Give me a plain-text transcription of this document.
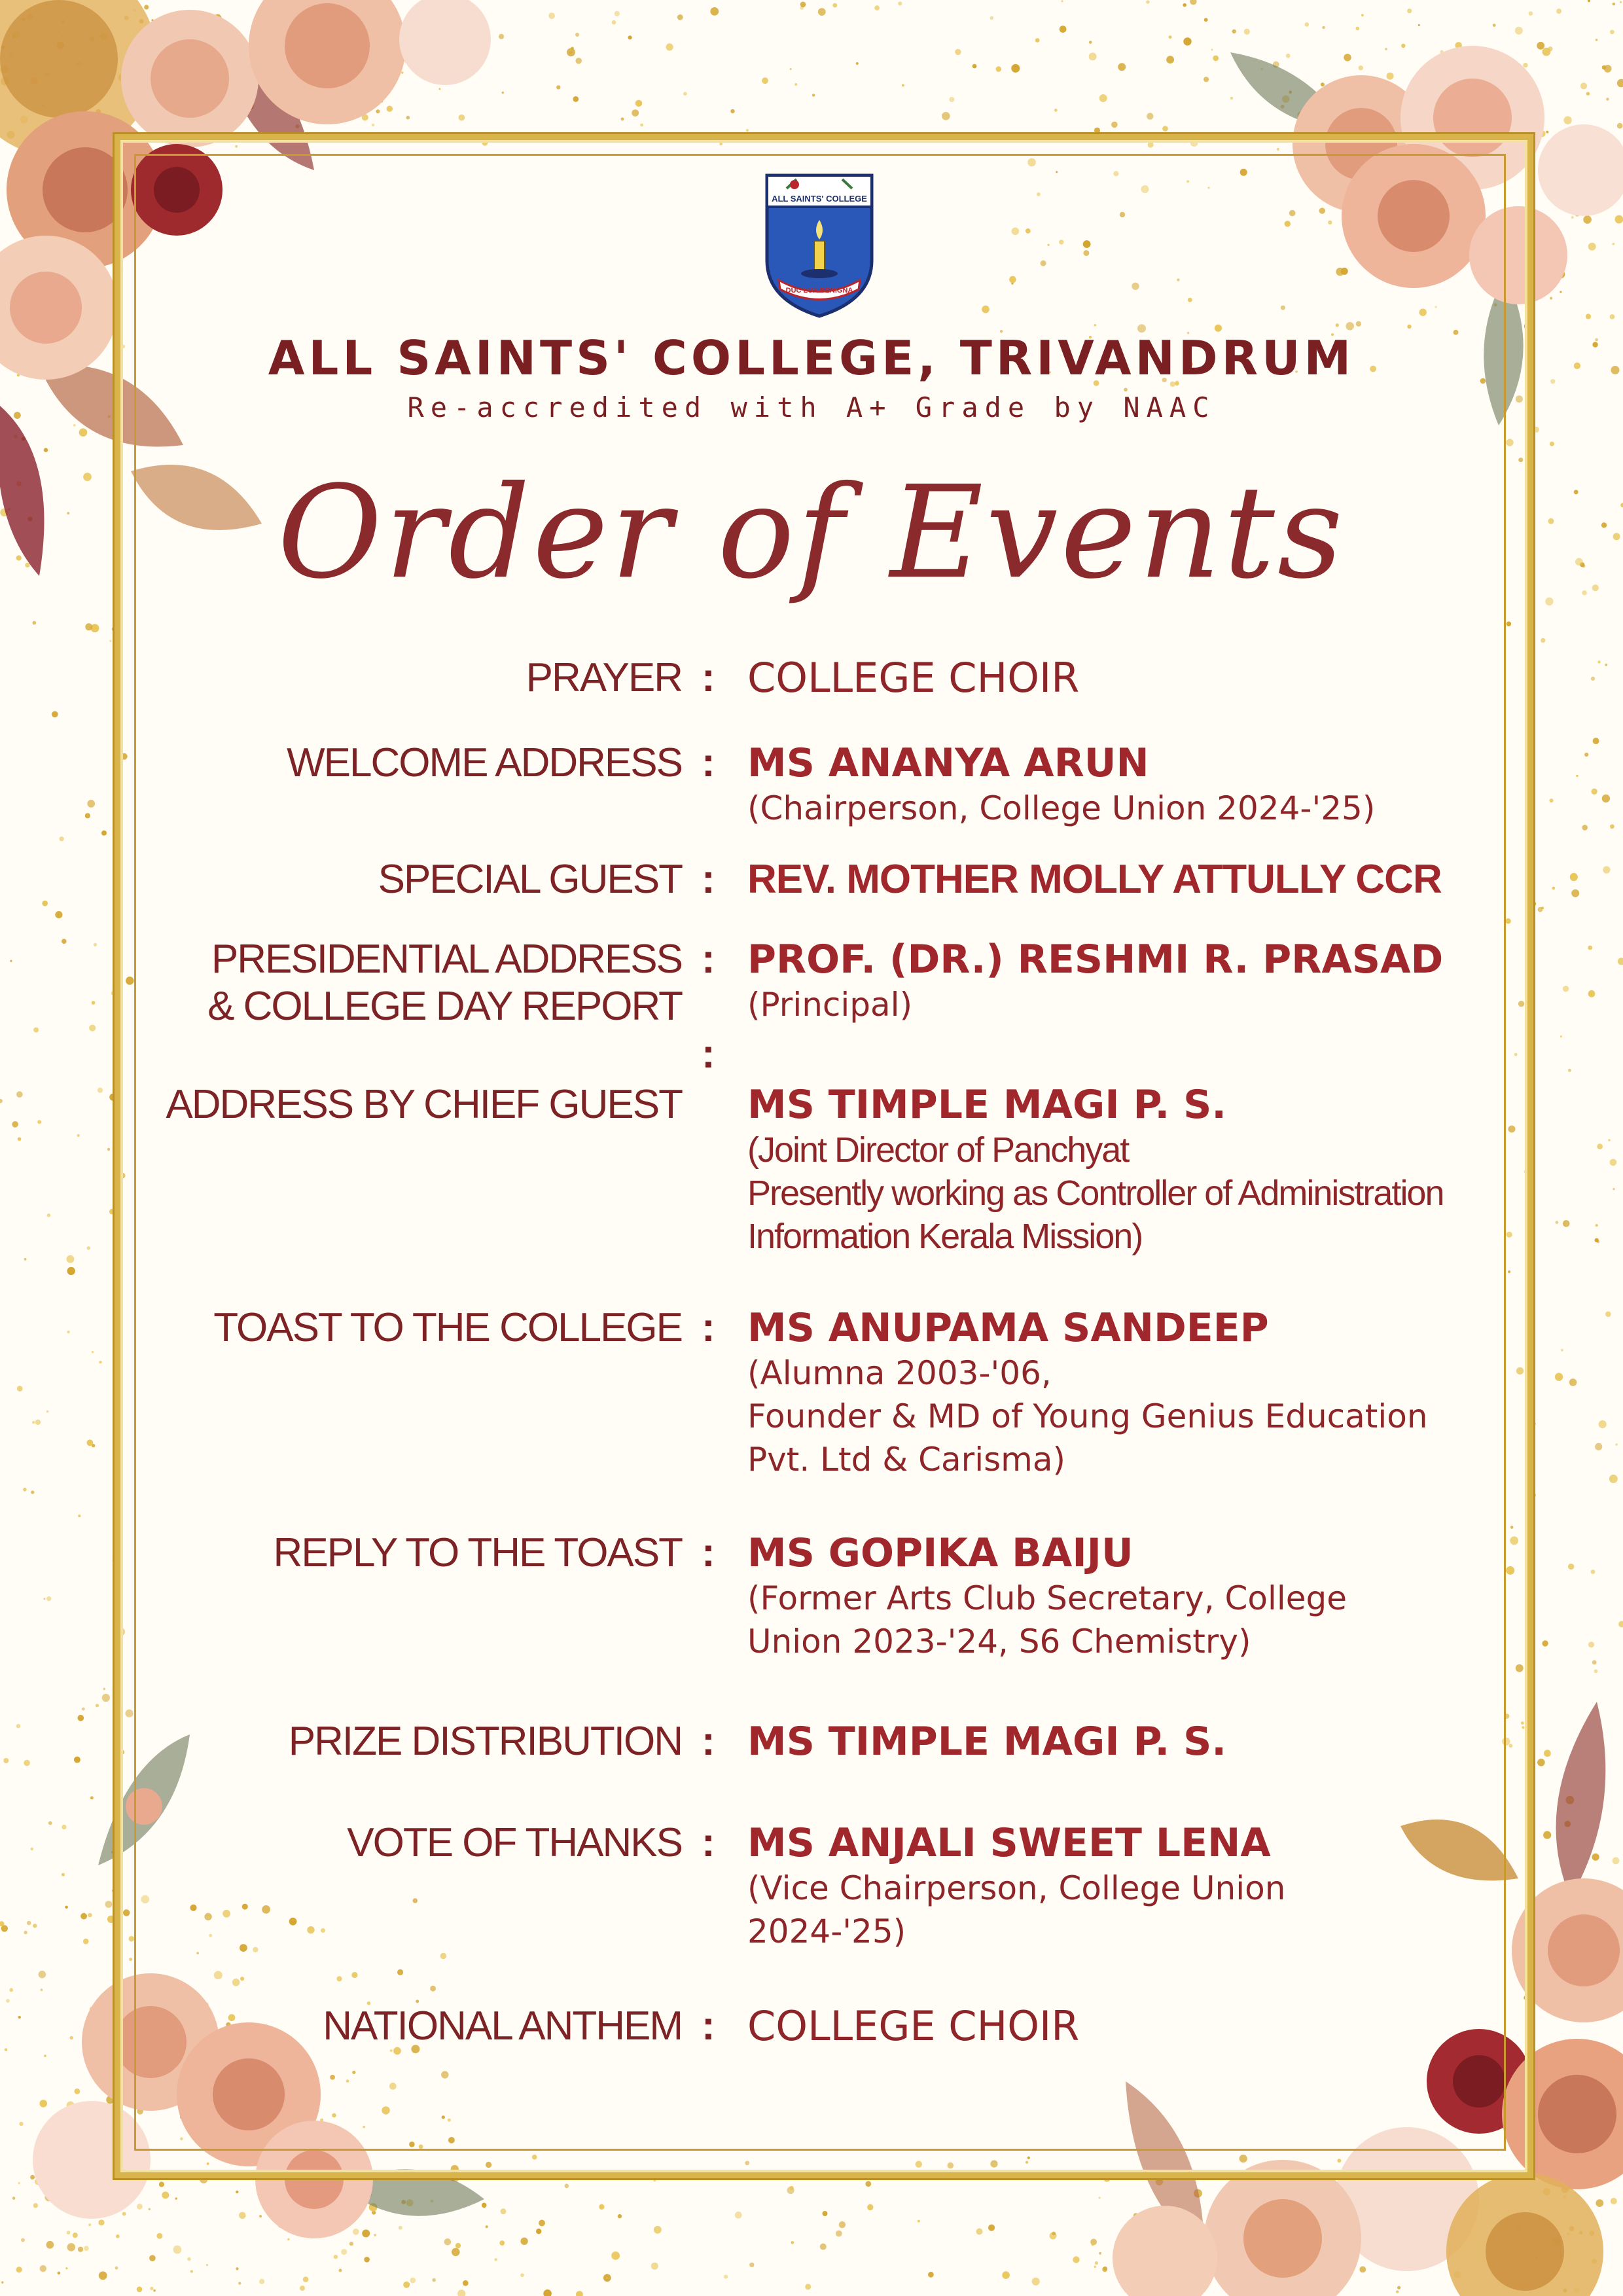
ALL SAINTS' COLLEGE
DUC LUX BENIGNA
ALL SAINTS' COLLEGE, TRIVANDRUM
Re-accredited with A+ Grade by NAAC
Order of Events
PRAYER : COLLEGE CHOIR
WELCOME ADDRESS : MS ANANYA ARUN
(Chairperson, College Union 2024-'25)
SPECIAL GUEST : REV. MOTHER MOLLY ATTULLY CCR
PRESIDENTIAL ADDRESS
& COLLEGE DAY REPORT
:
:
PROF. (DR.) RESHMI R. PRASAD
(Principal)
ADDRESS BY CHIEF GUEST MS TIMPLE MAGI P. S.
(Joint Director of Panchyat
Presently working as Controller of Administration
Information Kerala Mission)
TOAST TO THE COLLEGE : MS ANUPAMA SANDEEP
(Alumna 2003-'06,
Founder & MD of Young Genius Education
Pvt. Ltd & Carisma)
REPLY TO THE TOAST : MS GOPIKA BAIJU
(Former Arts Club Secretary, College
Union 2023-'24, S6 Chemistry)
PRIZE DISTRIBUTION : MS TIMPLE MAGI P. S.
VOTE OF THANKS : MS ANJALI SWEET LENA
(Vice Chairperson, College Union
2024-'25)
NATIONAL ANTHEM : COLLEGE CHOIR
